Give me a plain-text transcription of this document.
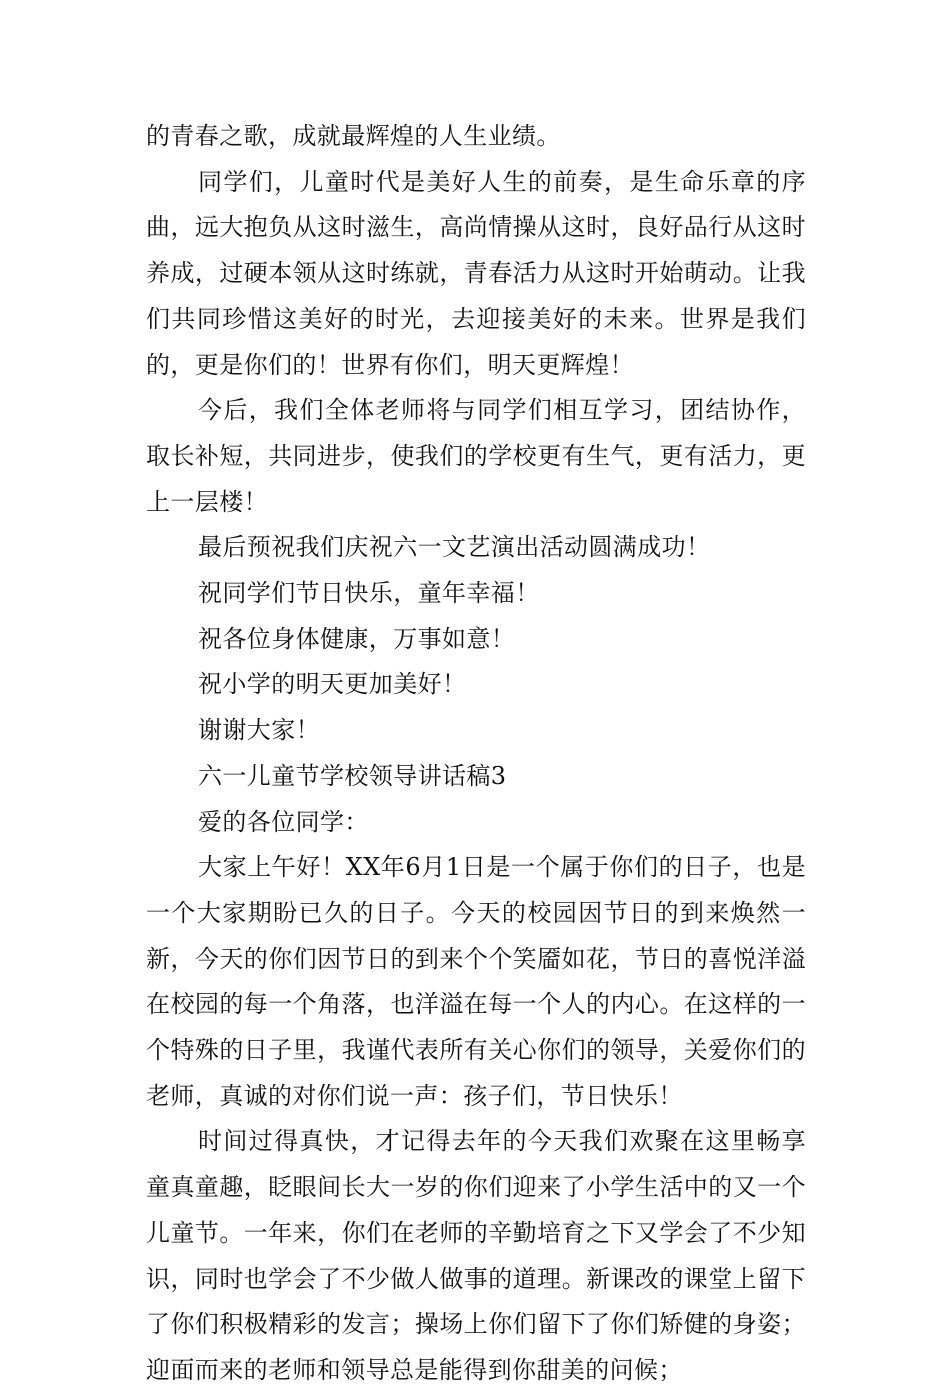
的青春之歌，成就最辉煌的人生业绩。

同学们，儿童时代是美好人生的前奏，是生命乐章的序曲，远大抱负从这时滋生，高尚情操从这时，良好品行从这时养成，过硬本领从这时练就，青春活力从这时开始萌动。让我们共同珍惜这美好的时光，去迎接美好的未来。世界是我们的，更是你们的！世界有你们，明天更辉煌！

今后，我们全体老师将与同学们相互学习，团结协作，取长补短，共同进步，使我们的学校更有生气，更有活力，更上一层楼！

最后预祝我们庆祝六一文艺演出活动圆满成功！

祝同学们节日快乐，童年幸福！

祝各位身体健康，万事如意！

祝小学的明天更加美好！

谢谢大家！

六一儿童节学校领导讲话稿3

爱的各位同学：

大家上午好！XX年6月1日是一个属于你们的日子，也是一个大家期盼已久的日子。今天的校园因节日的到来焕然一新，今天的你们因节日的到来个个笑靥如花，节日的喜悦洋溢在校园的每一个角落，也洋溢在每一个人的内心。在这样的一个特殊的日子里，我谨代表所有关心你们的领导，关爱你们的老师，真诚的对你们说一声：孩子们，节日快乐！

时间过得真快，才记得去年的今天我们欢聚在这里畅享童真童趣，眨眼间长大一岁的你们迎来了小学生活中的又一个儿童节。一年来，你们在老师的辛勤培育之下又学会了不少知识，同时也学会了不少做人做事的道理。新课改的课堂上留下了你们积极精彩的发言；操场上你们留下了你们矫健的身姿；迎面而来的老师和领导总是能得到你甜美的问候；
